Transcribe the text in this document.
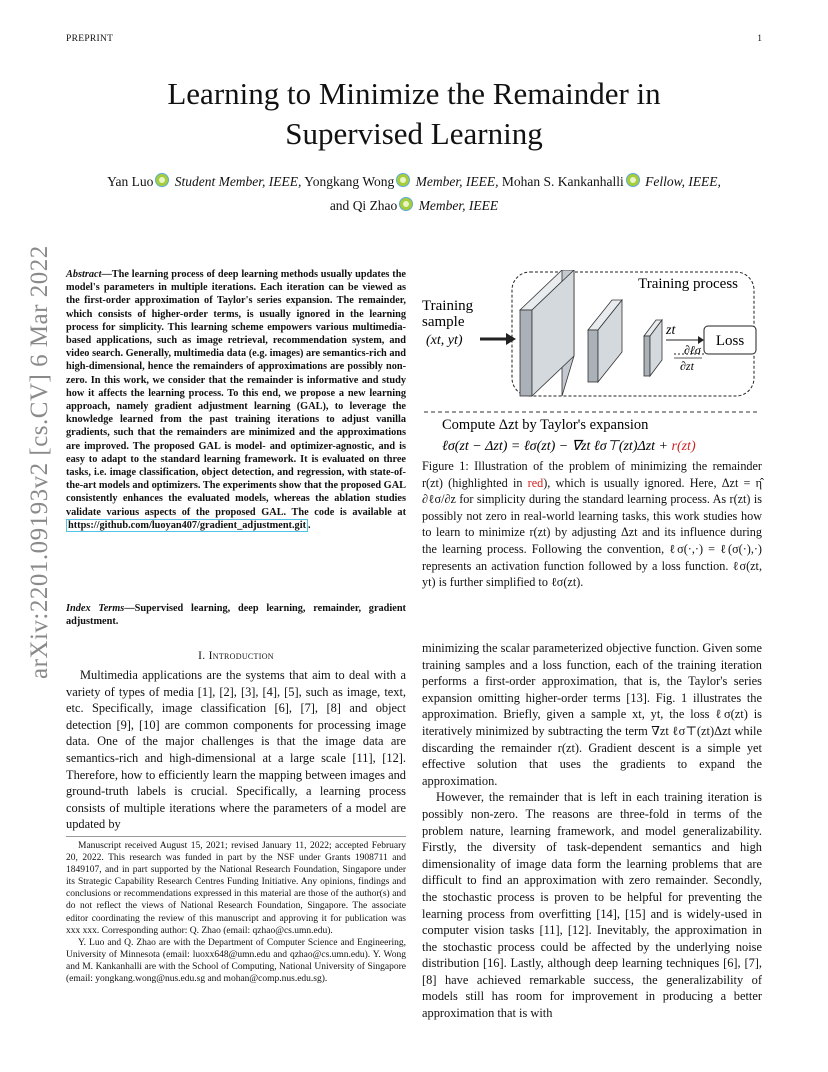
PREPRINT	1
arXiv:2201.09193v2 [cs.CV] 6 Mar 2022
Learning to Minimize the Remainder in Supervised Learning
Yan Luo Student Member, IEEE, Yongkang Wong Member, IEEE, Mohan S. Kankanhalli Fellow, IEEE,
and Qi Zhao Member, IEEE
Abstract—The learning process of deep learning methods usually updates the model's parameters in multiple iterations. Each iteration can be viewed as the first-order approximation of Taylor's series expansion. The remainder, which consists of higher-order terms, is usually ignored in the learning process for simplicity. This learning scheme empowers various multimedia-based applications, such as image retrieval, recommendation system, and video search. Generally, multimedia data (e.g. images) are semantics-rich and high-dimensional, hence the remainders of approximations are possibly non-zero. In this work, we consider that the remainder is informative and study how it affects the learning process. To this end, we propose a new learning approach, namely gradient adjustment learning (GAL), to leverage the knowledge learned from the past training iterations to adjust vanilla gradients, such that the remainders are minimized and the approximations are improved. The proposed GAL is model- and optimizer-agnostic, and is easy to adapt to the standard learning framework. It is evaluated on three tasks, i.e. image classification, object detection, and regression, with state-of-the-art models and optimizers. The experiments show that the proposed GAL consistently enhances the evaluated models, whereas the ablation studies validate various aspects of the proposed GAL. The code is available at https://github.com/luoyan407/gradient_adjustment.git .
Index Terms—Supervised learning, deep learning, remainder, gradient adjustment.
I. Introduction
Multimedia applications are the systems that aim to deal with a variety of types of media [1], [2], [3], [4], [5], such as image, text, etc. Specifically, image classification [6], [7], [8] and object detection [9], [10] are common components for processing image data. One of the major challenges is that the image data are semantics-rich and high-dimensional at a large scale [11], [12]. Therefore, how to efficiently learn the mapping between images and ground-truth labels is crucial. Specifically, a learning process consists of multiple iterations where the parameters of a model are updated by

Manuscript received August 15, 2021; revised January 11, 2022; accepted February 20, 2022. This research was funded in part by the NSF under Grants 1908711 and 1849107, and in part supported by the National Research Foundation, Singapore under its Strategic Capability Research Centres Funding Initiative. Any opinions, findings and conclusions or recommendations expressed in this material are those of the author(s) and do not reflect the views of National Research Foundation, Singapore. The associate editor coordinating the review of this manuscript and approving it for publication was xxx xxx. Corresponding author: Q. Zhao (email: qzhao@cs.umn.edu).

Y. Luo and Q. Zhao are with the Department of Computer Science and Engineering, University of Minnesota (email: luoxx648@umn.edu and qzhao@cs.umn.edu). Y. Wong and M. Kankanhalli are with the School of Computing, National University of Singapore (email: yongkang.wong@nus.edu.sg and mohan@comp.nus.edu.sg).

Training process
Training
sample
(xt, yt)
zt
Loss
∂ℓσ
∂zt
Compute Δzt by Taylor's expansion
ℓσ(zt − Δzt) = ℓσ(zt) − ∇zt ℓσ⊤(zt)Δzt + r(zt)
Figure 1: Illustration of the problem of minimizing the remainder r(zt) (highlighted in red), which is usually ignored. Here, Δzt = η̂ ∂ℓσ/∂z for simplicity during the standard learning process. As r(zt) is possibly not zero in real-world learning tasks, this work studies how to learn to minimize r(zt) by adjusting Δzt and its influence during the learning process. Following the convention, ℓσ(·,·) = ℓ(σ(·),·) represents an activation function followed by a loss function. ℓσ(zt, yt) is further simplified to ℓσ(zt).

minimizing the scalar parameterized objective function. Given some training samples and a loss function, each of the training iteration performs a first-order approximation, that is, the Taylor's series expansion omitting higher-order terms [13]. Fig. 1 illustrates the approximation. Briefly, given a sample xt, yt, the loss ℓσ(zt) is iteratively minimized by subtracting the term ∇zt ℓσ⊤(zt)Δzt while discarding the remainder r(zt). Gradient descent is a simple yet effective solution that uses the gradients to expand the approximation.

However, the remainder that is left in each training iteration is possibly non-zero. The reasons are three-fold in terms of the problem nature, learning framework, and model generalizability. Firstly, the diversity of task-dependent semantics and high dimensionality of image data form the learning problems that are difficult to find an approximation with zero remainder. Secondly, the stochastic process is proven to be helpful for preventing the learning process from overfitting [14], [15] and is widely-used in computer vision tasks [11], [12]. Inevitably, the approximation in the stochastic process could be affected by the underlying noise distribution [16]. Lastly, although deep learning techniques [6], [7], [8] have achieved remarkable success, the generalizability of models still has room for improvement in producing a better approximation that is with
